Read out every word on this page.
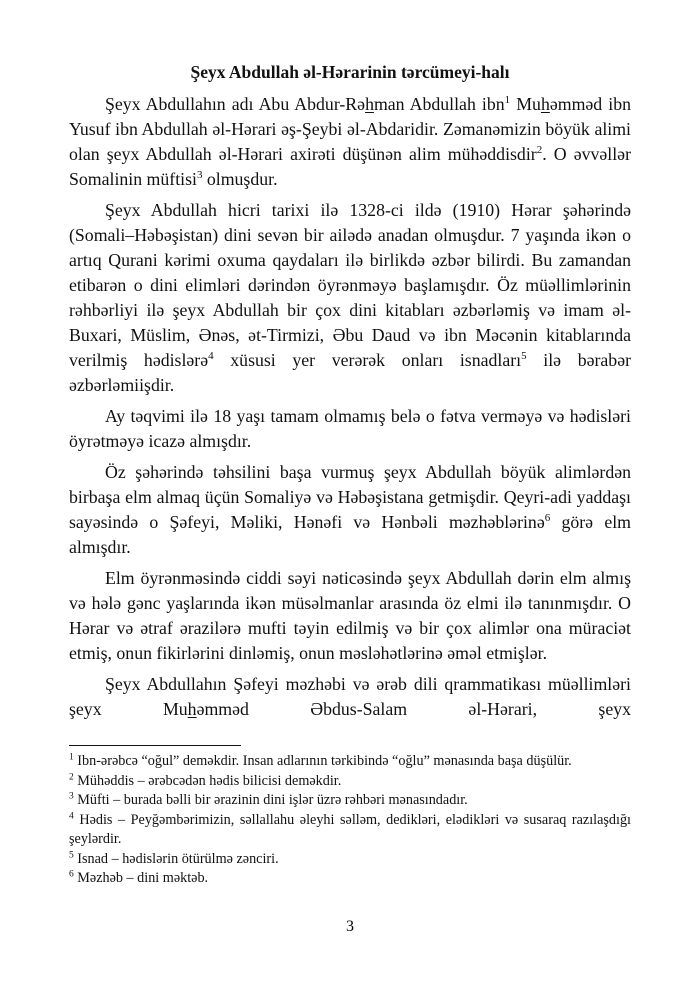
Şeyx Abdullah əl-Hərarinin tərcümeyi-halı

Şeyx Abdullahın adı Abu Abdur-Rəhman Abdullah ibn$^1$ Muhəmməd ibn Yusuf ibn Abdullah əl-Hərari əş-Şeybi əl-Abdaridir. Zəmanəmizin böyük alimi olan şeyx Abdullah əl-Hərari axirəti düşünən alim mühəddisdir$^2$. O əvvəllər Somalinin müftisi$^3$ olmuşdur.

Şeyx Abdullah hicri tarixi ilə 1328-ci ildə (1910) Hərar şəhərində (Somali–Həbəşistan) dini sevən bir ailədə anadan olmuşdur. 7 yaşında ikən o artıq Qurani kərimi oxuma qaydaları ilə birlikdə əzbər bilirdi. Bu zamandan etibarən o dini elimləri dərindən öyrənməyə başlamışdır. Öz müəllimlərinin rəhbərliyi ilə şeyx Abdullah bir çox dini kitabları əzbərləmiş və imam əl-Buxari, Müslim, Ənəs, ət-Tirmizi, Əbu Daud və ibn Məcənin kitablarında verilmiş hədislərə$^4$ xüsusi yer verərək onları isnadları$^5$ ilə bərabər əzbərləmiişdir.

Ay təqvimi ilə 18 yaşı tamam olmamış belə o fətva verməyə və hədisləri öyrətməyə icazə almışdır.

Öz şəhərində təhsilini başa vurmuş şeyx Abdullah böyük alimlərdən birbaşa elm almaq üçün Somaliyə və Həbəşistana getmişdir. Qeyri-adi yaddaşı sayəsində o Şəfeyi, Məliki, Hənəfi və Hənbəli məzhəblərinə$^6$ görə elm almışdır.

Elm öyrənməsində ciddi səyi nəticəsində şeyx Abdullah dərin elm almış və hələ gənc yaşlarında ikən müsəlmanlar arasında öz elmi ilə tanınmışdır. O Hərar və ətraf ərazilərə mufti təyin edilmiş və bir çox alimlər ona müraciət etmiş, onun fikirlərini dinləmiş, onun məsləhətlərinə əməl etmişlər.

Şeyx Abdullahın Şəfeyi məzhəbi və ərəb dili qrammatikası müəllimləri şeyx Muhəmməd Əbdus-Salam əl-Hərari, şeyx

$^1$ Ibn-ərəbcə “oğul” deməkdir. Insan adlarının tərkibində “oğlu” mənasında başa düşülür.

$^2$ Mühəddis – ərəbcədən hədis bilicisi deməkdir.

$^3$ Müfti – burada bəlli bir ərazinin dini işlər üzrə rəhbəri mənasındadır.

$^4$ Hədis – Peyğəmbərimizin, səllallahu əleyhi səlləm, dedikləri, elədikləri və susaraq razılaşdığı şeylərdir.

$^5$ Isnad – hədislərin ötürülmə zənciri.

$^6$ Məzhəb – dini məktəb.

3
